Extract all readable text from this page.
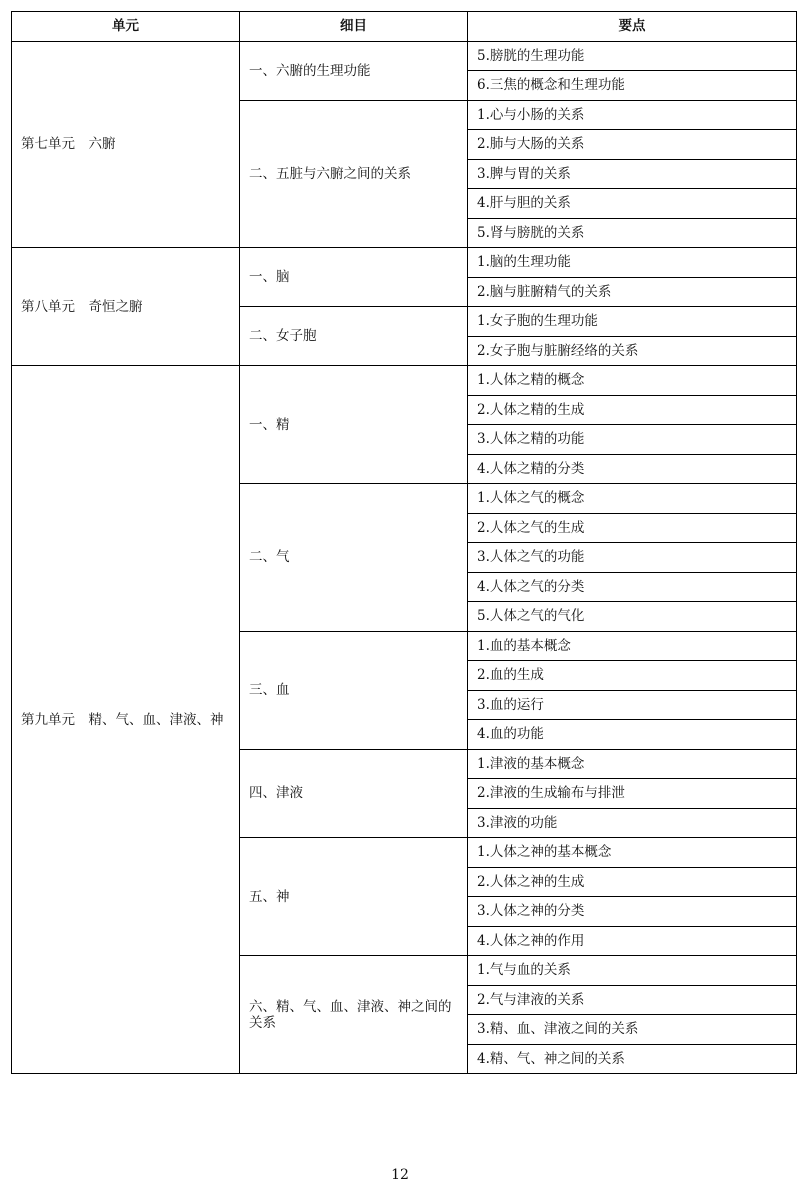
单元	细目	要点
第七单元　六腑	一、六腑的生理功能	5.膀胱的生理功能
		6.三焦的概念和生理功能
	二、五脏与六腑之间的关系	1.心与小肠的关系
		2.肺与大肠的关系
		3.脾与胃的关系
		4.肝与胆的关系
		5.肾与膀胱的关系
第八单元　奇恒之腑	一、脑	1.脑的生理功能
		2.脑与脏腑精气的关系
	二、女子胞	1.女子胞的生理功能
		2.女子胞与脏腑经络的关系
第九单元　精、气、血、津液、神	一、精	1.人体之精的概念
		2.人体之精的生成
		3.人体之精的功能
		4.人体之精的分类
	二、气	1.人体之气的概念
		2.人体之气的生成
		3.人体之气的功能
		4.人体之气的分类
		5.人体之气的气化
	三、血	1.血的基本概念
		2.血的生成
		3.血的运行
		4.血的功能
	四、津液	1.津液的基本概念
		2.津液的生成输布与排泄
		3.津液的功能
	五、神	1.人体之神的基本概念
		2.人体之神的生成
		3.人体之神的分类
		4.人体之神的作用
	六、精、气、血、津液、神之间的关系	1.气与血的关系
		2.气与津液的关系
		3.精、血、津液之间的关系
		4.精、气、神之间的关系
12
